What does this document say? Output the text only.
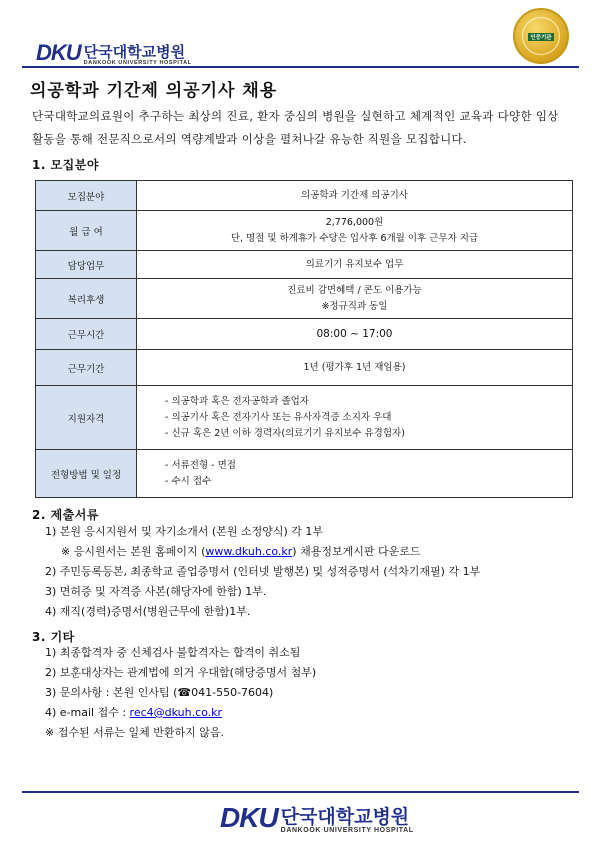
DKU 단국대학교병원
DANKOOK UNIVERSITY HOSPITAL
인증기관
의공학과 기간제 의공기사 채용
단국대학교의료원이 추구하는 최상의 진료, 환자 중심의 병원을 실현하고 체계적인 교육과 다양한 임상활동을 통해 전문직으로서의 역량계발과 이상을 펼쳐나갈 유능한 직원을 모집합니다.
1. 모집분야
모집분야	의공학과 기간제 의공기사

월 급 여	2,776,000원
단, 명절 및 하계휴가 수당은 입사후 6개월 이후 근무자 지급

담당업무	의료기기 유지보수 업무

복리후생	진료비 감면혜택 / 콘도 이용가능
※정규직과 동일

근무시간	08:00 ~ 17:00

근무기간	1년 (평가후 1년 재임용)

지원자격	- 의공학과 혹은 전자공학과 졸업자
- 의공기사 혹은 전자기사 또는 유사자격증 소지자 우대
- 신규 혹은 2년 이하 경력자(의료기기 유지보수 유경험자)

전형방법 및 일정	- 서류전형 - 면접
- 수시 접수
2. 제출서류
1) 본원 응시지원서 및 자기소개서 (본원 소정양식) 각 1부
※ 응시원서는 본원 홈페이지 (www.dkuh.co.kr) 채용정보게시판 다운로드
2) 주민등록등본, 최종학교 졸업증명서 (인터넷 발행본) 및 성적증명서 (석차기재필) 각 1부
3) 면허증 및 자격증 사본(해당자에 한함) 1부.
4) 재직(경력)증명서(병원근무에 한함)1부.
3. 기타
1) 최종합격자 중 신체검사 불합격자는 합격이 취소됨
2) 보훈대상자는 관계법에 의거 우대함(해당증명서 첨부)
3) 문의사항 : 본원 인사팀 (☎041-550-7604)
4) e-mail 접수 : rec4@dkuh.co.kr
※ 접수된 서류는 일체 반환하지 않음.
DKU 단국대학교병원
DANKOOK UNIVERSITY HOSPITAL
